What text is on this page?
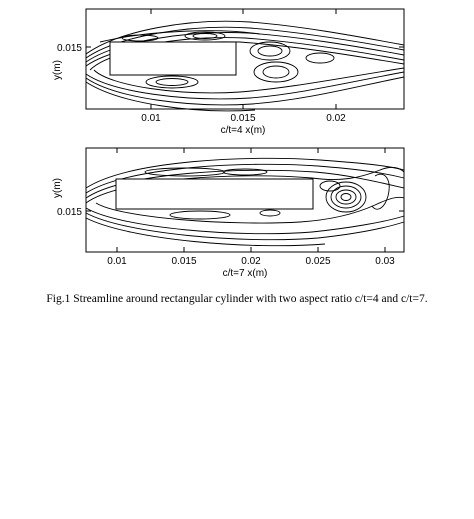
0.01	0.015	0.02
0.015
c/t=4 x(m)
y(m)
0.01	0.015	0.02	0.025	0.03
0.015
c/t=7 x(m)
y(m)
Fig.1 Streamline around rectangular cylinder with two aspect ratio c/t=4 and c/t=7.
